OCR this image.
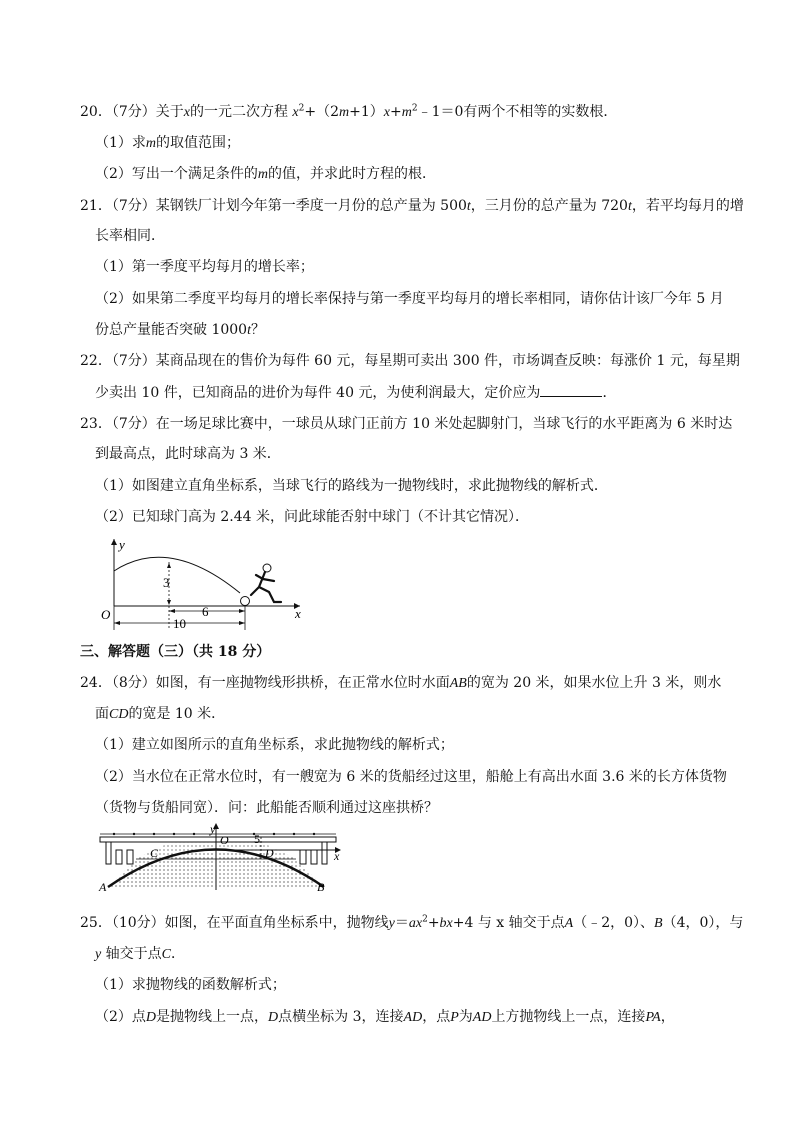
20．（7分）关于x的一元二次方程 $x^2+(2m+1)x+m^2﹣1=0$有两个不相等的实数根．
（1）求m的取值范围；
（2）写出一个满足条件的m的值，并求此时方程的根．
21．（7分）某钢铁厂计划今年第一季度一月份的总产量为 500t，三月份的总产量为 720t，若平均每月的增
长率相同．
（1）第一季度平均每月的增长率；
（2）如果第二季度平均每月的增长率保持与第一季度平均每月的增长率相同，请你估计该厂今年 5 月
份总产量能否突破 1000t？
22．（7分）某商品现在的售价为每件 60 元，每星期可卖出 300 件，市场调查反映：每涨价 1 元，每星期
少卖出 10 件，已知商品的进价为每件 40 元，为使利润最大，定价应为	．
23．（7分）在一场足球比赛中，一球员从球门正前方 10 米处起脚射门，当球飞行的水平距离为 6 米时达
到最高点，此时球高为 3 米．
（1）如图建立直角坐标系，当球飞行的路线为一抛物线时，求此抛物线的解析式．
（2）已知球门高为 2.44 米，问此球能否射中球门（不计其它情况）．
y
x
O
3
6
10
三、解答题（三）（共 18 分）
24．（8分）如图，有一座抛物线形拱桥，在正常水位时水面AB的宽为 20 米，如果水位上升 3 米，则水
面CD的宽是 10 米．
（1）建立如图所示的直角坐标系，求此抛物线的解析式；
（2）当水位在正常水位时，有一艘宽为 6 米的货船经过这里，船舱上有高出水面 3.6 米的长方体货物
（货物与货船同宽）．问：此船能否顺利通过这座拱桥？
y
O
x
5
A	B
C	D
25．（10分）如图，在平面直角坐标系中，抛物线$y=ax^2+bx+4$ 与 x 轴交于点A（﹣2，0）、B（4，0），与
y 轴交于点C．
（1）求抛物线的函数解析式；
（2）点D是抛物线上一点，D点横坐标为 3，连接AD，点P为AD上方抛物线上一点，连接PA，
